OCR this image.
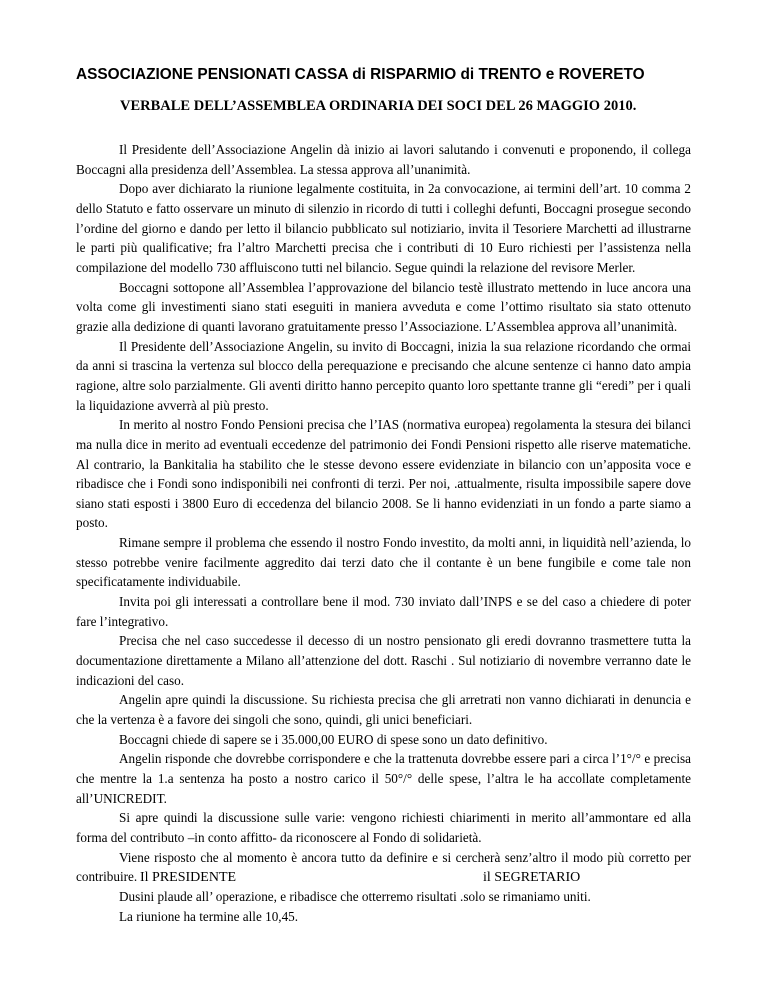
ASSOCIAZIONE PENSIONATI CASSA di RISPARMIO di TRENTO e ROVERETO
VERBALE DELL’ASSEMBLEA ORDINARIA DEI SOCI DEL 26 MAGGIO 2010.

Il Presidente dell’Associazione Angelin dà inizio ai lavori salutando i convenuti e proponendo, il collega Boccagni alla presidenza dell’Assemblea. La stessa approva all’unanimità.

Dopo aver dichiarato la riunione legalmente costituita, in 2a convocazione, ai termini dell’art. 10 comma 2 dello Statuto e fatto osservare un minuto di silenzio in ricordo di tutti i colleghi defunti, Boccagni prosegue secondo l’ordine del giorno e dando per letto il bilancio pubblicato sul notiziario, invita il Tesoriere Marchetti ad illustrarne le parti più qualificative; fra l’altro Marchetti precisa che i contributi di 10 Euro richiesti per l’assistenza nella compilazione del modello 730 affluiscono tutti nel bilancio. Segue quindi la relazione del revisore Merler.

Boccagni sottopone all’Assemblea l’approvazione del bilancio testè illustrato mettendo in luce ancora una volta come gli investimenti siano stati eseguiti in maniera avveduta e come l’ottimo risultato sia stato ottenuto grazie alla dedizione di quanti lavorano gratuitamente presso l’Associazione. L’Assemblea approva all’unanimità.

Il Presidente dell’Associazione Angelin, su invito di Boccagni, inizia la sua relazione ricordando che ormai da anni si trascina la vertenza sul blocco della perequazione e precisando che alcune sentenze ci hanno dato ampia ragione, altre solo parzialmente. Gli aventi diritto hanno percepito quanto loro spettante tranne gli “eredi” per i quali la liquidazione avverrà al più presto.

In merito al nostro Fondo Pensioni precisa che l’IAS (normativa europea) regolamenta la stesura dei bilanci ma nulla dice in merito ad eventuali eccedenze del patrimonio dei Fondi Pensioni rispetto alle riserve matematiche. Al contrario, la Bankitalia ha stabilito che le stesse devono essere evidenziate in bilancio con un’apposita voce e ribadisce che i Fondi sono indisponibili nei confronti di terzi. Per noi, .attualmente, risulta impossibile sapere dove siano stati esposti i 3800 Euro di eccedenza del bilancio 2008. Se li hanno evidenziati in un fondo a parte siamo a posto.

Rimane sempre il problema che essendo il nostro Fondo investito, da molti anni, in liquidità nell’azienda, lo stesso potrebbe venire facilmente aggredito dai terzi dato che il contante è un bene fungibile e come tale non specificatamente individuabile.

Invita poi gli interessati a controllare bene il mod. 730 inviato dall’INPS e se del caso a chiedere di poter fare l’integrativo.

Precisa che nel caso succedesse il decesso di un nostro pensionato gli eredi dovranno trasmettere tutta la documentazione direttamente a Milano all’attenzione del dott. Raschi . Sul notiziario di novembre verranno date le indicazioni del caso.

Angelin apre quindi la discussione. Su richiesta precisa che gli arretrati non vanno dichiarati in denuncia e che la vertenza è a favore dei singoli che sono, quindi, gli unici beneficiari.

Boccagni chiede di sapere se i 35.000,00 EURO di spese sono un dato definitivo.

Angelin risponde che dovrebbe corrispondere e che la trattenuta dovrebbe essere pari a circa l’1°/° e precisa che mentre la 1.a sentenza ha posto a nostro carico il 50°/° delle spese, l’altra le ha accollate completamente all’UNICREDIT.

Si apre quindi la discussione sulle varie: vengono richiesti chiarimenti in merito all’ammontare ed alla forma del contributo –in conto affitto- da riconoscere al Fondo di solidarietà.

Viene risposto che al momento è ancora tutto da definire e si cercherà senz’altro il modo più corretto per contribuire.

Dusini plaude all’ operazione, e ribadisce che otterremo risultati .solo se rimaniamo uniti.

La riunione ha termine alle 10,45.

Il PRESIDENTE	il SEGRETARIO
